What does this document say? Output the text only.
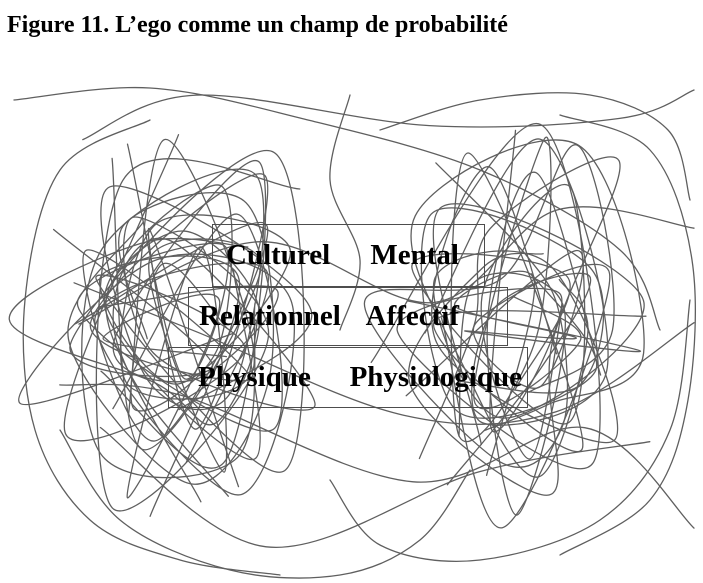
Figure 11. L’ego comme un champ de probabilité
Culturel Mental
Relationnel Affectif
Physique Physiologique
